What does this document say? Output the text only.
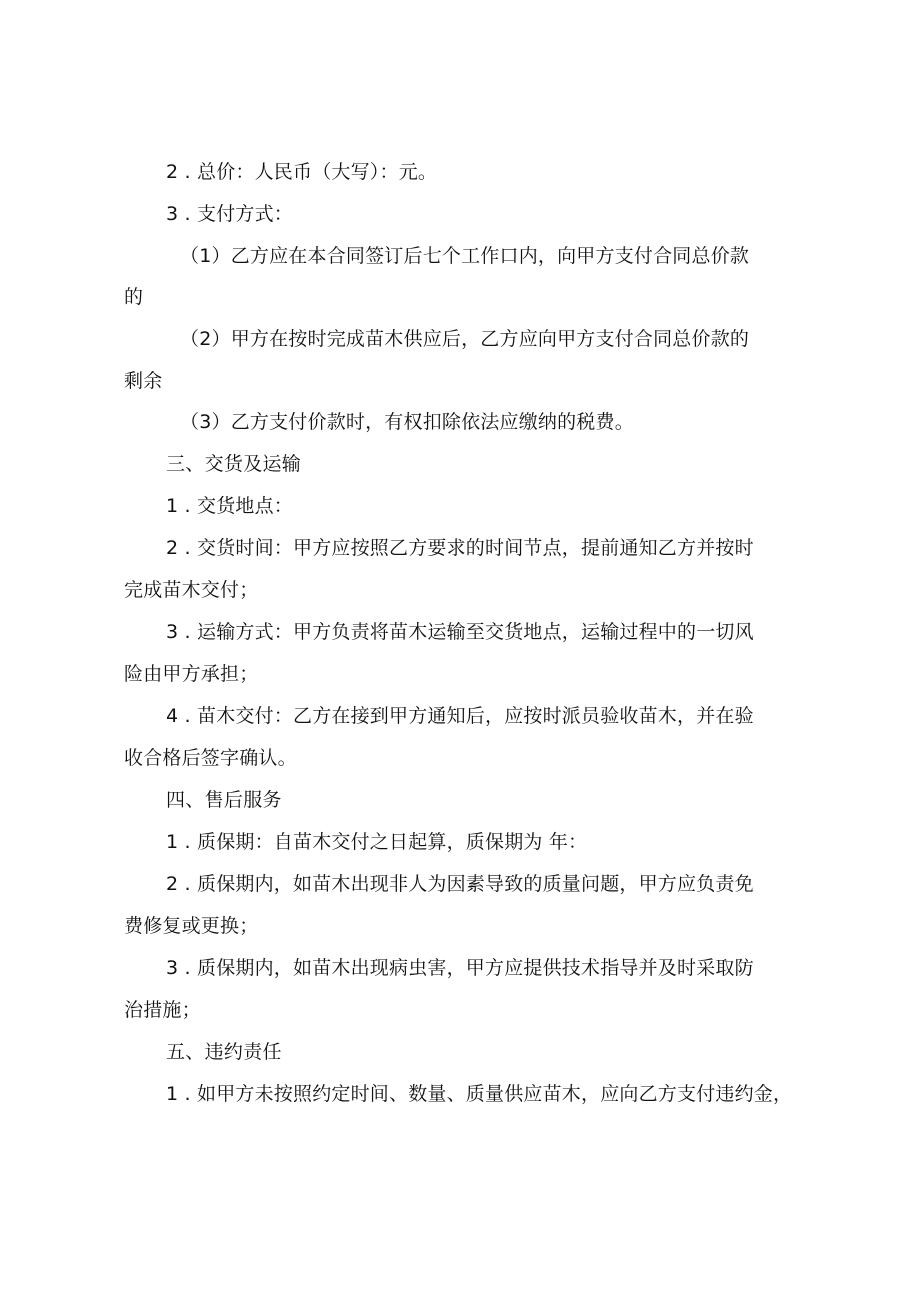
2 . 总价：人民币（大写）：元。
3 . 支付方式：
（1）乙方应在本合同签订后七个工作口内，向甲方支付合同总价款
的
（2）甲方在按时完成苗木供应后，乙方应向甲方支付合同总价款的
剩余
（3）乙方支付价款时，有权扣除依法应缴纳的税费。
三、交货及运输
1 . 交货地点：
2 . 交货时间：甲方应按照乙方要求的时间节点，提前通知乙方并按时
完成苗木交付；
3 . 运输方式：甲方负责将苗木运输至交货地点，运输过程中的一切风
险由甲方承担；
4 . 苗木交付：乙方在接到甲方通知后，应按时派员验收苗木，并在验
收合格后签字确认。
四、售后服务
1 . 质保期：自苗木交付之日起算，质保期为 年：
2 . 质保期内，如苗木出现非人为因素导致的质量问题，甲方应负责免
费修复或更换；
3 . 质保期内，如苗木出现病虫害，甲方应提供技术指导并及时采取防
治措施；
五、违约责任
1 . 如甲方未按照约定时间、数量、质量供应苗木，应向乙方支付违约金，
